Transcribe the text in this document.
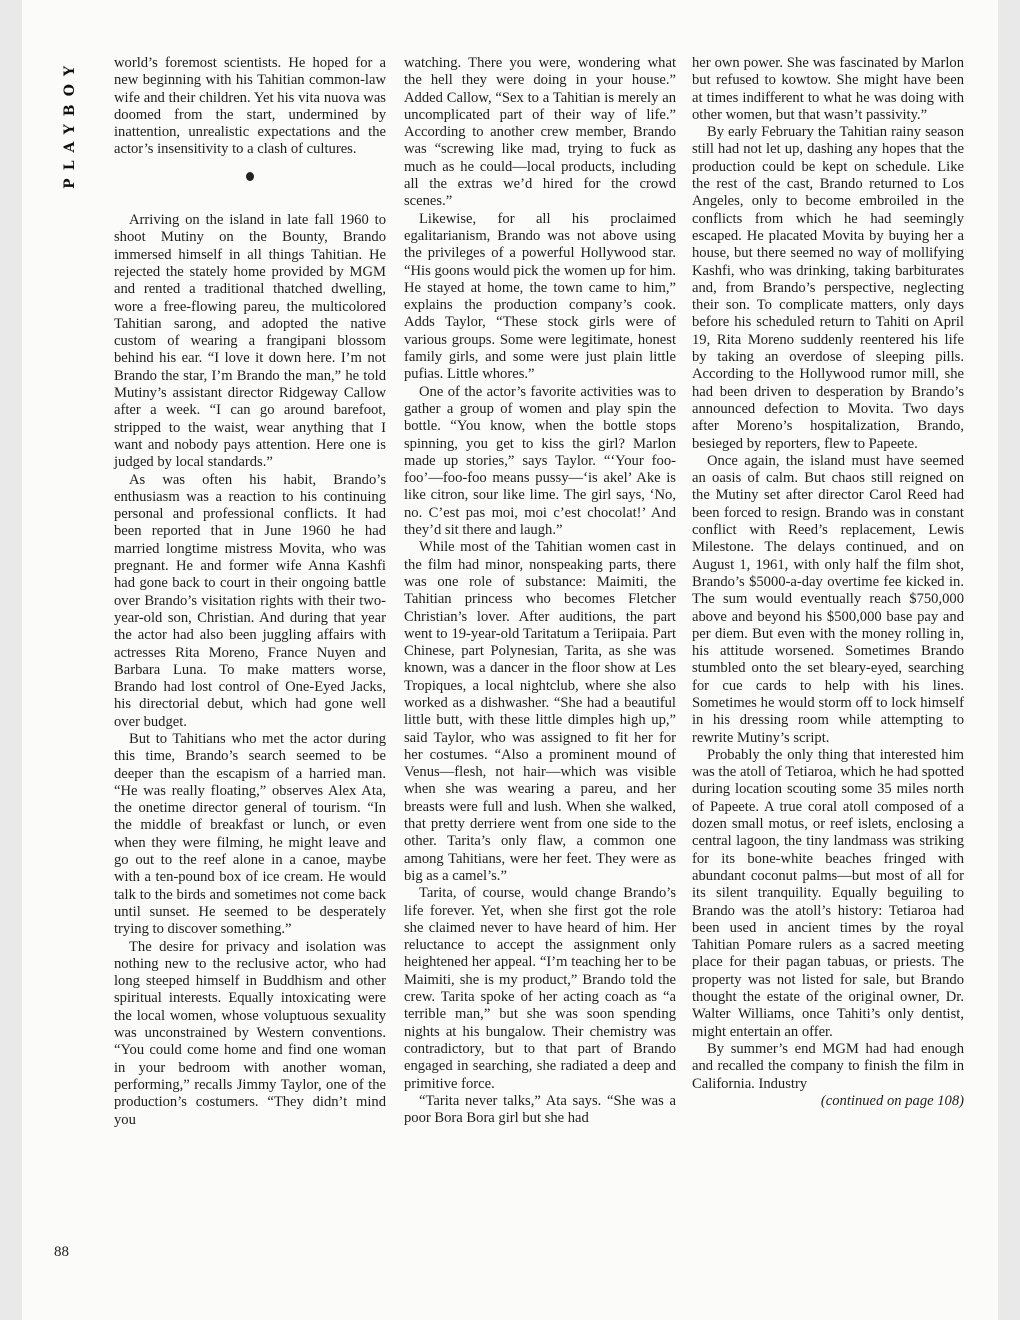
PLAYBOY world’s foremost scientists. He hoped for a new beginning with his Tahitian common-law wife and their children. Yet his vita nuova was doomed from the start, undermined by inattention, unrealistic expectations and the actor’s insensitivity to a clash of cultures.

Arriving on the island in late fall 1960 to shoot Mutiny on the Bounty, Brando immersed himself in all things Tahitian. He rejected the stately home provided by MGM and rented a traditional thatched dwelling, wore a free-flowing pareu, the multicolored Tahitian sarong, and adopted the native custom of wearing a frangipani blossom behind his ear. “I love it down here. I’m not Brando the star, I’m Brando the man,” he told Mutiny’s assistant director Ridgeway Callow after a week. “I can go around barefoot, stripped to the waist, wear anything that I want and nobody pays attention. Here one is judged by local standards.”

As was often his habit, Brando’s enthusiasm was a reaction to his continuing personal and professional conflicts. It had been reported that in June 1960 he had married longtime mistress Movita, who was pregnant. He and former wife Anna Kashfi had gone back to court in their ongoing battle over Brando’s visitation rights with their two-year-old son, Christian. And during that year the actor had also been juggling affairs with actresses Rita Moreno, France Nuyen and Barbara Luna. To make matters worse, Brando had lost control of One-Eyed Jacks, his directorial debut, which had gone well over budget.

But to Tahitians who met the actor during this time, Brando’s search seemed to be deeper than the escapism of a harried man. “He was really floating,” observes Alex Ata, the onetime director general of tourism. “In the middle of breakfast or lunch, or even when they were filming, he might leave and go out to the reef alone in a canoe, maybe with a ten-pound box of ice cream. He would talk to the birds and sometimes not come back until sunset. He seemed to be desperately trying to discover something.”

The desire for privacy and isolation was nothing new to the reclusive actor, who had long steeped himself in Buddhism and other spiritual interests. Equally intoxicating were the local women, whose voluptuous sexuality was unconstrained by Western conventions. “You could come home and find one woman in your bedroom with another woman, performing,” recalls Jimmy Taylor, one of the production’s costumers. “They didn’t mind you

watching. There you were, wondering what the hell they were doing in your house.” Added Callow, “Sex to a Tahitian is merely an uncomplicated part of their way of life.” According to another crew member, Brando was “screwing like mad, trying to fuck as much as he could—local products, including all the extras we’d hired for the crowd scenes.”

Likewise, for all his proclaimed egalitarianism, Brando was not above using the privileges of a powerful Hollywood star. “His goons would pick the women up for him. He stayed at home, the town came to him,” explains the production company’s cook. Adds Taylor, “These stock girls were of various groups. Some were legitimate, honest family girls, and some were just plain little pufias. Little whores.”

One of the actor’s favorite activities was to gather a group of women and play spin the bottle. “You know, when the bottle stops spinning, you get to kiss the girl? Marlon made up stories,” says Taylor. “‘Your foo-foo’—foo-foo means pussy—‘is akel’ Ake is like citron, sour like lime. The girl says, ‘No, no. C’est pas moi, moi c’est chocolat!’ And they’d sit there and laugh.”

While most of the Tahitian women cast in the film had minor, nonspeaking parts, there was one role of substance: Maimiti, the Tahitian princess who becomes Fletcher Christian’s lover. After auditions, the part went to 19-year-old Taritatum a Teriipaia. Part Chinese, part Polynesian, Tarita, as she was known, was a dancer in the floor show at Les Tropiques, a local nightclub, where she also worked as a dishwasher. “She had a beautiful little butt, with these little dimples high up,” said Taylor, who was assigned to fit her for her costumes. “Also a prominent mound of Venus—flesh, not hair—which was visible when she was wearing a pareu, and her breasts were full and lush. When she walked, that pretty derriere went from one side to the other. Tarita’s only flaw, a common one among Tahitians, were her feet. They were as big as a camel’s.”

Tarita, of course, would change Brando’s life forever. Yet, when she first got the role she claimed never to have heard of him. Her reluctance to accept the assignment only heightened her appeal. “I’m teaching her to be Maimiti, she is my product,” Brando told the crew. Tarita spoke of her acting coach as “a terrible man,” but she was soon spending nights at his bungalow. Their chemistry was contradictory, but to that part of Brando engaged in searching, she radiated a deep and primitive force.

“Tarita never talks,” Ata says. “She was a poor Bora Bora girl but she had

her own power. She was fascinated by Marlon but refused to kowtow. She might have been at times indifferent to what he was doing with other women, but that wasn’t passivity.”

By early February the Tahitian rainy season still had not let up, dashing any hopes that the production could be kept on schedule. Like the rest of the cast, Brando returned to Los Angeles, only to become embroiled in the conflicts from which he had seemingly escaped. He placated Movita by buying her a house, but there seemed no way of mollifying Kashfi, who was drinking, taking barbiturates and, from Brando’s perspective, neglecting their son. To complicate matters, only days before his scheduled return to Tahiti on April 19, Rita Moreno suddenly reentered his life by taking an overdose of sleeping pills. According to the Hollywood rumor mill, she had been driven to desperation by Brando’s announced defection to Movita. Two days after Moreno’s hospitalization, Brando, besieged by reporters, flew to Papeete.

Once again, the island must have seemed an oasis of calm. But chaos still reigned on the Mutiny set after director Carol Reed had been forced to resign. Brando was in constant conflict with Reed’s replacement, Lewis Milestone. The delays continued, and on August 1, 1961, with only half the film shot, Brando’s $5000-a-day overtime fee kicked in. The sum would eventually reach $750,000 above and beyond his $500,000 base pay and per diem. But even with the money rolling in, his attitude worsened. Sometimes Brando stumbled onto the set bleary-eyed, searching for cue cards to help with his lines. Sometimes he would storm off to lock himself in his dressing room while attempting to rewrite Mutiny’s script.

Probably the only thing that interested him was the atoll of Tetiaroa, which he had spotted during location scouting some 35 miles north of Papeete. A true coral atoll composed of a dozen small motus, or reef islets, enclosing a central lagoon, the tiny landmass was striking for its bone-white beaches fringed with abundant coconut palms—but most of all for its silent tranquility. Equally beguiling to Brando was the atoll’s history: Tetiaroa had been used in ancient times by the royal Tahitian Pomare rulers as a sacred meeting place for their pagan tabuas, or priests. The property was not listed for sale, but Brando thought the estate of the original owner, Dr. Walter Williams, once Tahiti’s only dentist, might entertain an offer.

By summer’s end MGM had had enough and recalled the company to finish the film in California. Industry

(continued on page 108)

88
